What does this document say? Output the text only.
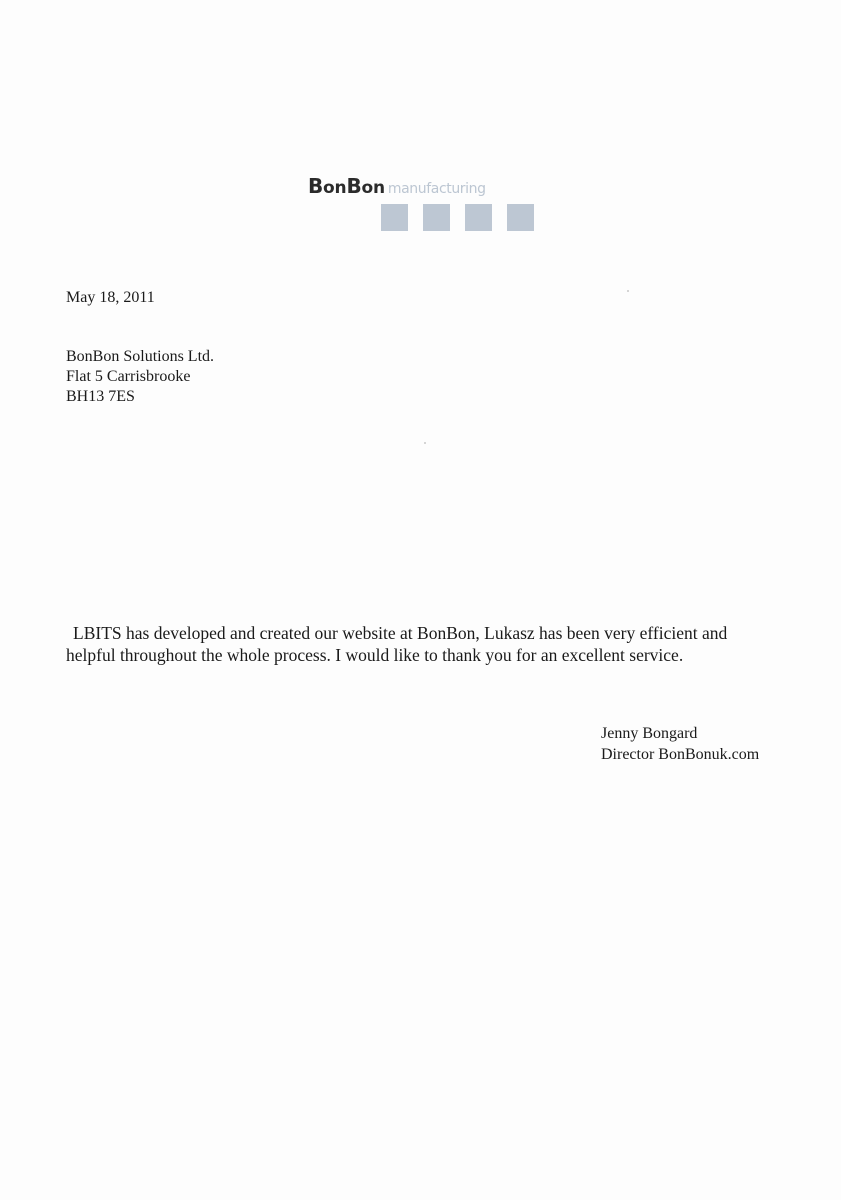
BonBon manufacturing
May 18, 2011
BonBon Solutions Ltd.
Flat 5 Carrisbrooke
BH13 7ES

LBITS has developed and created our website at BonBon, Lukasz has been very efficient and helpful throughout the whole process. I would like to thank you for an excellent service.

Jenny Bongard
Director BonBonuk.com
